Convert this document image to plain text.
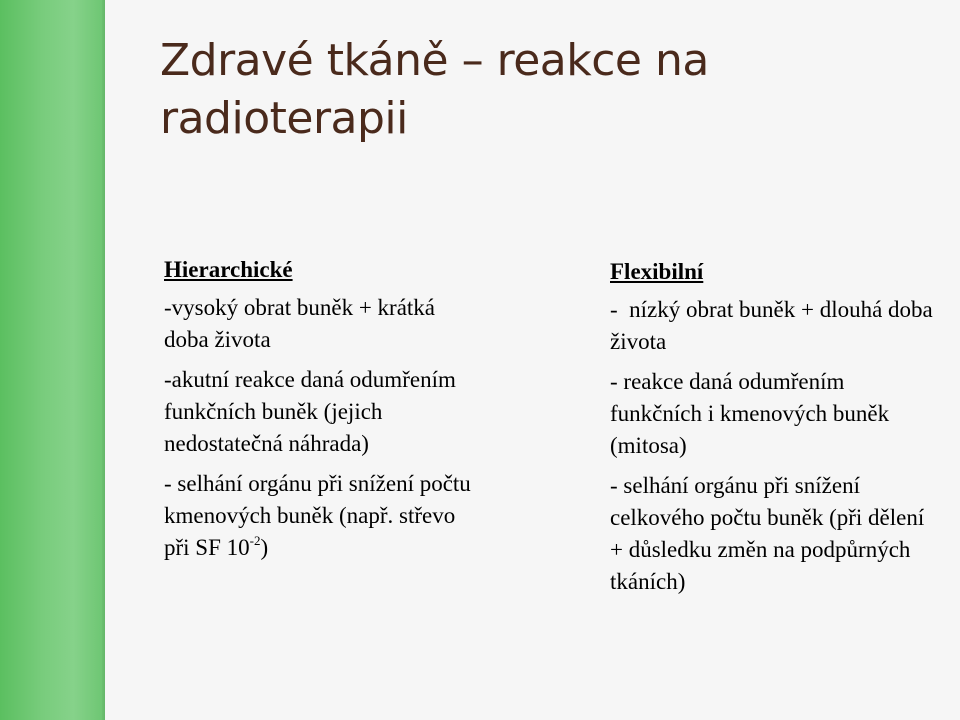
Zdravé tkáně – reakce na radioterapii

Hierarchické

-vysoký obrat buněk + krátká doba života

-akutní reakce daná odumřením funkčních buněk (jejich nedostatečná náhrada)

- selhání orgánu při snížení počtu kmenových buněk (např. střevo při SF $10^{-2}$)

Flexibilní

-  nízký obrat buněk + dlouhá doba života

- reakce daná odumřením funkčních i kmenových buněk (mitosa)

- selhání orgánu při snížení celkového počtu buněk (při dělení + důsledku změn na podpůrných tkáních)
